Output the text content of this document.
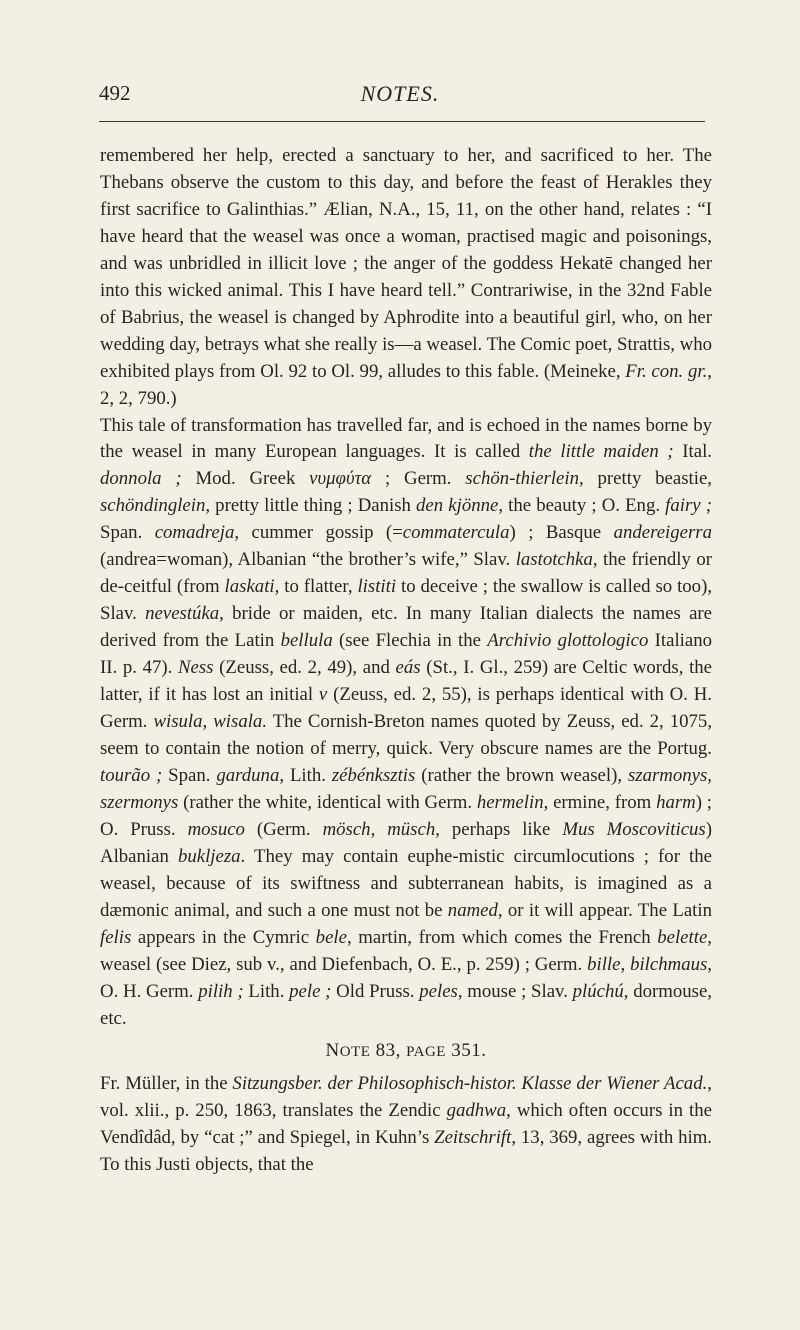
492	NOTES.

remembered her help, erected a sanctuary to her, and sacrificed to her. The Thebans observe the custom to this day, and before the feast of Herakles they first sacrifice to Galinthias.” Ælian, N.A., 15, 11, on the other hand, relates : “I have heard that the weasel was once a woman, practised magic and poisonings, and was unbridled in illicit love ; the anger of the goddess Hekatē changed her into this wicked animal. This I have heard tell.” Contrariwise, in the 32nd Fable of Babrius, the weasel is changed by Aphrodite into a beautiful girl, who, on her wedding day, betrays what she really is—a weasel. The Comic poet, Strattis, who exhibited plays from Ol. 92 to Ol. 99, alludes to this fable. (Meineke, Fr. con. gr., 2, 2, 790.)

This tale of transformation has travelled far, and is echoed in the names borne by the weasel in many European languages. It is called the little maiden ; Ital. donnola ; Mod. Greek νυμφύτα ; Germ. schön-thierlein, pretty beastie, schöndinglein, pretty little thing ; Danish den kjönne, the beauty ; O. Eng. fairy ; Span. comadreja, cummer gossip (=commatercula) ; Basque andereigerra (andrea=woman), Albanian “the brother’s wife,” Slav. lastotchka, the friendly or de-ceitful (from laskati, to flatter, listiti to deceive ; the swallow is called so too), Slav. nevestúka, bride or maiden, etc. In many Italian dialects the names are derived from the Latin bellula (see Flechia in the Archivio glottologico Italiano II. p. 47). Ness (Zeuss, ed. 2, 49), and eás (St., I. Gl., 259) are Celtic words, the latter, if it has lost an initial v (Zeuss, ed. 2, 55), is perhaps identical with O. H. Germ. wisula, wisala. The Cornish-Breton names quoted by Zeuss, ed. 2, 1075, seem to contain the notion of merry, quick. Very obscure names are the Portug. tourão ; Span. garduna, Lith. zébénksztis (rather the brown weasel), szarmonys, szermonys (rather the white, identical with Germ. hermelin, ermine, from harm) ; O. Pruss. mosuco (Germ. mösch, müsch, perhaps like Mus Moscoviticus) Albanian bukljeza. They may contain euphe-mistic circumlocutions ; for the weasel, because of its swiftness and subterranean habits, is imagined as a dæmonic animal, and such a one must not be named, or it will appear. The Latin felis appears in the Cymric bele, martin, from which comes the French belette, weasel (see Diez, sub v., and Diefenbach, O. E., p. 259) ; Germ. bille, bilchmaus, O. H. Germ. pilih ; Lith. pele ; Old Pruss. peles, mouse ; Slav. plúchú, dormouse, etc.

NOTE 83, PAGE 351.

Fr. Müller, in the Sitzungsber. der Philosophisch-histor. Klasse der Wiener Acad., vol. xlii., p. 250, 1863, translates the Zendic gadhwa, which often occurs in the Vendîdâd, by “cat ;” and Spiegel, in Kuhn’s Zeitschrift, 13, 369, agrees with him. To this Justi objects, that the
